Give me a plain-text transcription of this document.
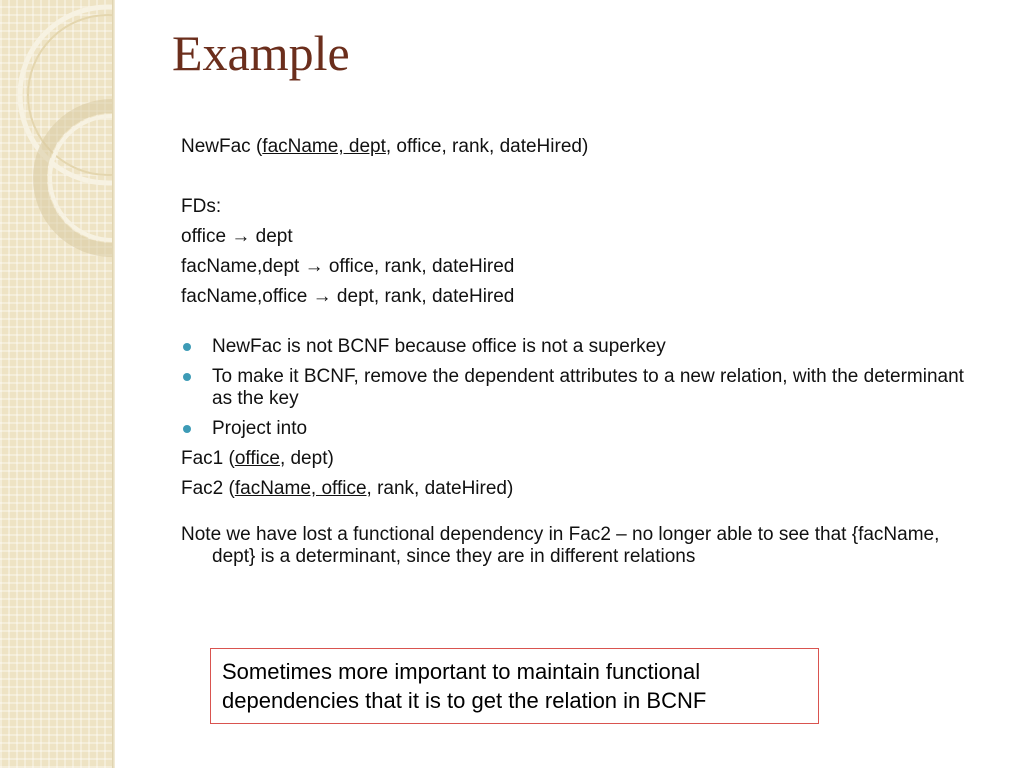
Example
NewFac (facName, dept, office, rank, dateHired)
FDs:
office → dept
facName,dept → office, rank, dateHired
facName,office → dept, rank, dateHired
NewFac is not BCNF because office is not a superkey
To make it BCNF, remove the dependent attributes to a new relation, with the determinant as the key
Project into
Fac1 (office, dept)
Fac2 (facName, office, rank, dateHired)
Note we have lost a functional dependency in Fac2 – no longer able to see that {facName, dept} is a determinant, since they are in different relations
Sometimes more important to maintain functional dependencies that it is to get the relation in BCNF
